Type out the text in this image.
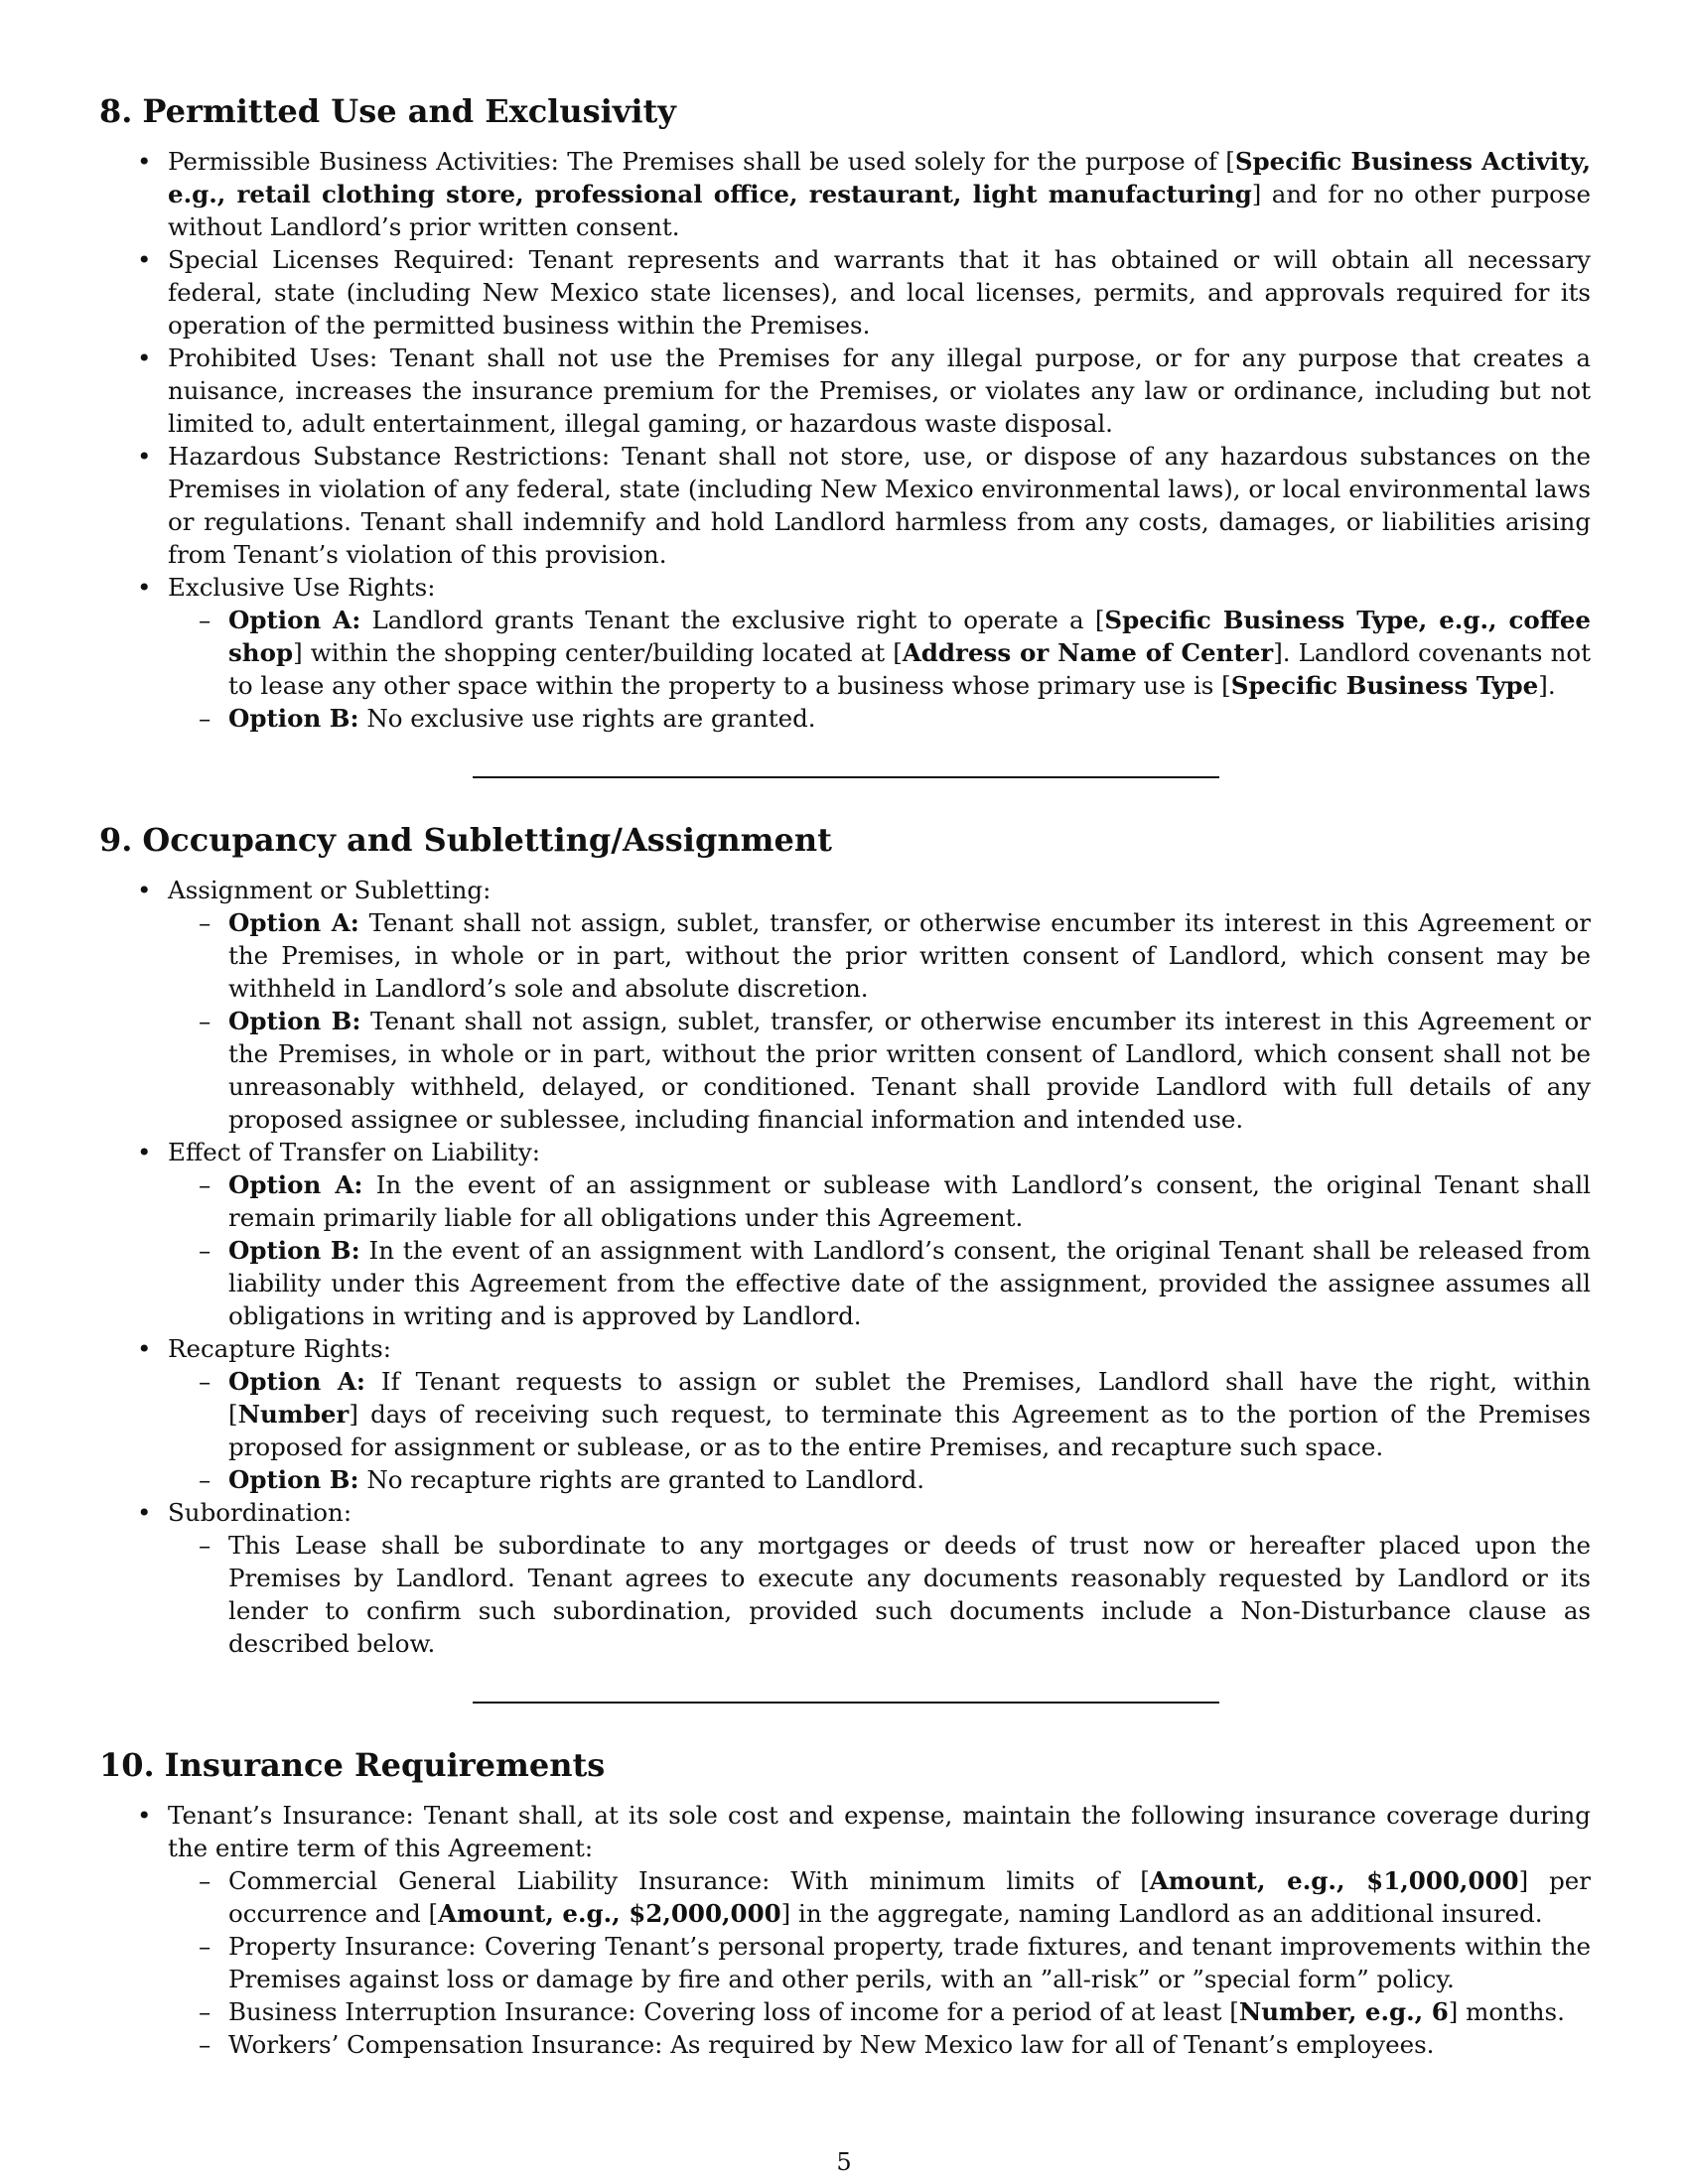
8. Permitted Use and Exclusivity
• Permissible Business Activities: The Premises shall be used solely for the purpose of [Specific Business Activity, e.g., retail clothing store, professional office, restaurant, light manufacturing] and for no other purpose without Landlord’s prior written consent.
• Special Licenses Required: Tenant represents and warrants that it has obtained or will obtain all necessary federal, state (including New Mexico state licenses), and local licenses, permits, and approvals required for its operation of the permitted business within the Premises.
• Prohibited Uses: Tenant shall not use the Premises for any illegal purpose, or for any purpose that creates a nuisance, increases the insurance premium for the Premises, or violates any law or ordinance, including but not limited to, adult entertainment, illegal gaming, or hazardous waste disposal.
• Hazardous Substance Restrictions: Tenant shall not store, use, or dispose of any hazardous substances on the Premises in violation of any federal, state (including New Mexico environmental laws), or local environmental laws or regulations. Tenant shall indemnify and hold Landlord harmless from any costs, damages, or liabilities arising from Tenant’s violation of this provision.
• Exclusive Use Rights:
– Option A: Landlord grants Tenant the exclusive right to operate a [Specific Business Type, e.g., coffee shop] within the shopping center/building located at [Address or Name of Center]. Landlord covenants not to lease any other space within the property to a business whose primary use is [Specific Business Type].
– Option B: No exclusive use rights are granted.
9. Occupancy and Subletting/Assignment
• Assignment or Subletting:
– Option A: Tenant shall not assign, sublet, transfer, or otherwise encumber its interest in this Agreement or the Premises, in whole or in part, without the prior written consent of Landlord, which consent may be withheld in Landlord’s sole and absolute discretion.
– Option B: Tenant shall not assign, sublet, transfer, or otherwise encumber its interest in this Agreement or the Premises, in whole or in part, without the prior written consent of Landlord, which consent shall not be unreasonably withheld, delayed, or conditioned. Tenant shall provide Landlord with full details of any proposed assignee or sublessee, including financial information and intended use.
• Effect of Transfer on Liability:
– Option A: In the event of an assignment or sublease with Landlord’s consent, the original Tenant shall remain primarily liable for all obligations under this Agreement.
– Option B: In the event of an assignment with Landlord’s consent, the original Tenant shall be released from liability under this Agreement from the effective date of the assignment, provided the assignee assumes all obligations in writing and is approved by Landlord.
• Recapture Rights:
– Option A: If Tenant requests to assign or sublet the Premises, Landlord shall have the right, within [Number] days of receiving such request, to terminate this Agreement as to the portion of the Premises proposed for assignment or sublease, or as to the entire Premises, and recapture such space.
– Option B: No recapture rights are granted to Landlord.
• Subordination:
– This Lease shall be subordinate to any mortgages or deeds of trust now or hereafter placed upon the Premises by Landlord. Tenant agrees to execute any documents reasonably requested by Landlord or its lender to confirm such subordination, provided such documents include a Non-Disturbance clause as described below.
10. Insurance Requirements
• Tenant’s Insurance: Tenant shall, at its sole cost and expense, maintain the following insurance coverage during the entire term of this Agreement:
– Commercial General Liability Insurance: With minimum limits of [Amount, e.g., $1,000,000] per occurrence and [Amount, e.g., $2,000,000] in the aggregate, naming Landlord as an additional insured.
– Property Insurance: Covering Tenant’s personal property, trade fixtures, and tenant improvements within the Premises against loss or damage by fire and other perils, with an ”all-risk” or ”special form” policy.
– Business Interruption Insurance: Covering loss of income for a period of at least [Number, e.g., 6] months.
– Workers’ Compensation Insurance: As required by New Mexico law for all of Tenant’s employees.
5
